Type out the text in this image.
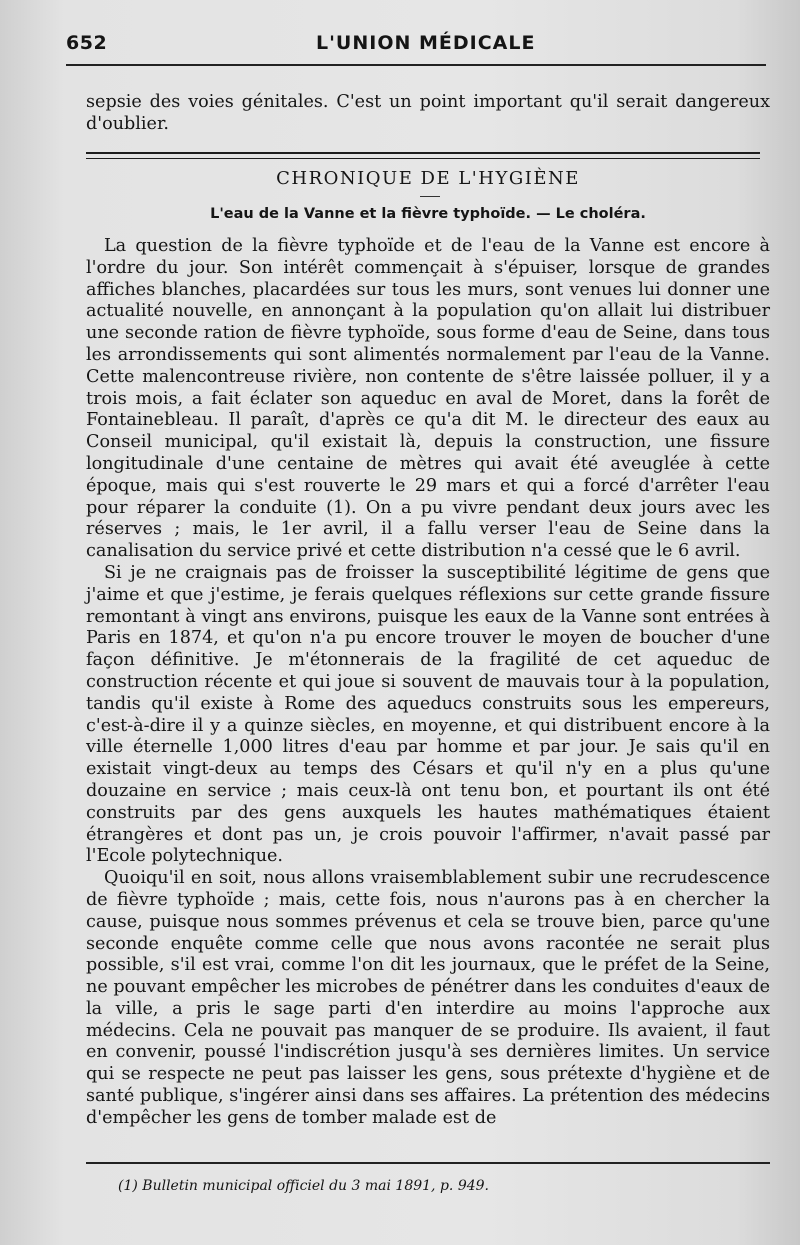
652	L'UNION MÉDICALE

sepsie des voies génitales. C'est un point important qu'il serait dangereux d'oublier.

CHRONIQUE DE L'HYGIÈNE
L'eau de la Vanne et la fièvre typhoïde. — Le choléra.

La question de la fièvre typhoïde et de l'eau de la Vanne est encore à l'ordre du jour. Son intérêt commençait à s'épuiser, lorsque de grandes affiches blanches, placardées sur tous les murs, sont venues lui donner une actualité nouvelle, en annonçant à la population qu'on allait lui distribuer une seconde ration de fièvre typhoïde, sous forme d'eau de Seine, dans tous les arrondissements qui sont alimentés normalement par l'eau de la Vanne. Cette malencontreuse rivière, non contente de s'être laissée polluer, il y a trois mois, a fait éclater son aqueduc en aval de Moret, dans la forêt de Fontainebleau. Il paraît, d'après ce qu'a dit M. le directeur des eaux au Conseil municipal, qu'il existait là, depuis la construction, une fissure longitudinale d'une centaine de mètres qui avait été aveuglée à cette époque, mais qui s'est rouverte le 29 mars et qui a forcé d'arrêter l'eau pour réparer la conduite (1). On a pu vivre pendant deux jours avec les réserves ; mais, le 1er avril, il a fallu verser l'eau de Seine dans la canalisation du service privé et cette distribution n'a cessé que le 6 avril.

Si je ne craignais pas de froisser la susceptibilité légitime de gens que j'aime et que j'estime, je ferais quelques réflexions sur cette grande fissure remontant à vingt ans environs, puisque les eaux de la Vanne sont entrées à Paris en 1874, et qu'on n'a pu encore trouver le moyen de boucher d'une façon définitive. Je m'étonnerais de la fragilité de cet aqueduc de construction récente et qui joue si souvent de mauvais tour à la population, tandis qu'il existe à Rome des aqueducs construits sous les empereurs, c'est-à-dire il y a quinze siècles, en moyenne, et qui distribuent encore à la ville éternelle 1,000 litres d'eau par homme et par jour. Je sais qu'il en existait vingt-deux au temps des Césars et qu'il n'y en a plus qu'une douzaine en service ; mais ceux-là ont tenu bon, et pourtant ils ont été construits par des gens auxquels les hautes mathématiques étaient étrangères et dont pas un, je crois pouvoir l'affirmer, n'avait passé par l'Ecole polytechnique.

Quoiqu'il en soit, nous allons vraisemblablement subir une recrudescence de fièvre typhoïde ; mais, cette fois, nous n'aurons pas à en chercher la cause, puisque nous sommes prévenus et cela se trouve bien, parce qu'une seconde enquête comme celle que nous avons racontée ne serait plus possible, s'il est vrai, comme l'on dit les journaux, que le préfet de la Seine, ne pouvant empêcher les microbes de pénétrer dans les conduites d'eaux de la ville, a pris le sage parti d'en interdire au moins l'approche aux médecins. Cela ne pouvait pas manquer de se produire. Ils avaient, il faut en convenir, poussé l'indiscrétion jusqu'à ses dernières limites. Un service qui se respecte ne peut pas laisser les gens, sous prétexte d'hygiène et de santé publique, s'ingérer ainsi dans ses affaires. La prétention des médecins d'empêcher les gens de tomber malade est de

(1) Bulletin municipal officiel du 3 mai 1891, p. 949.
